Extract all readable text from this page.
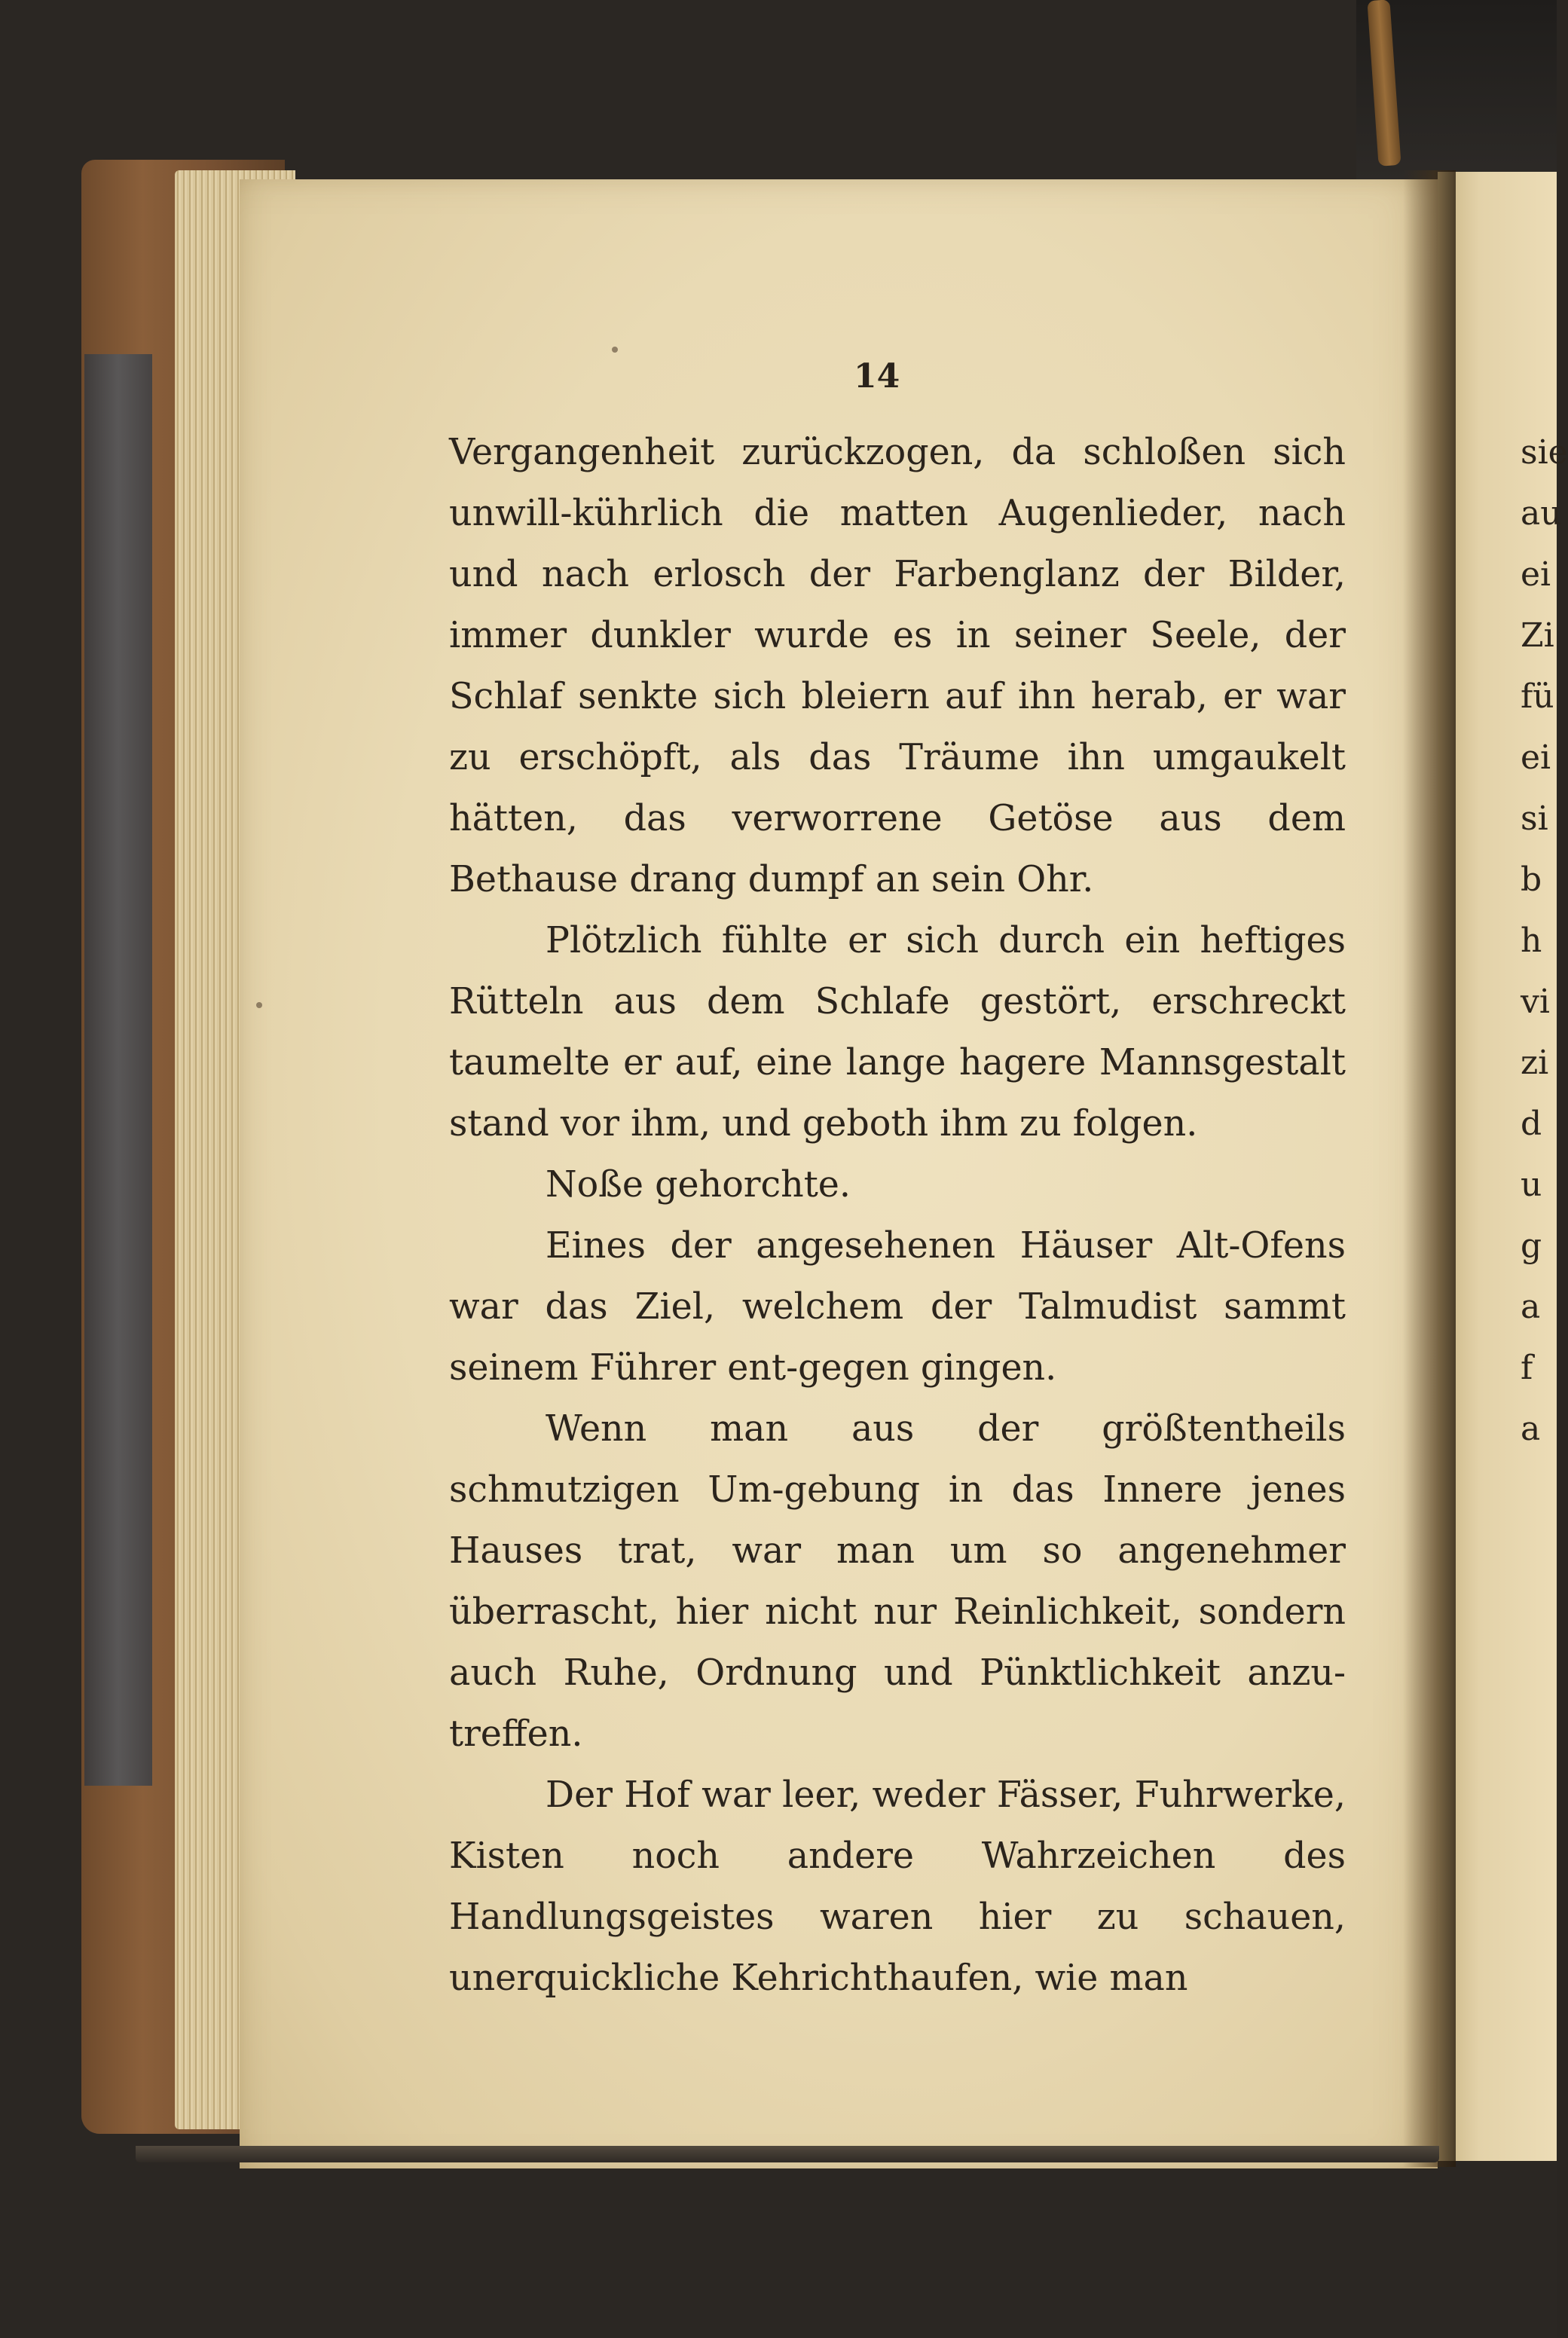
14

Vergangenheit zurückzogen, da schloßen sich unwill-kührlich die matten Augenlieder, nach und nach erlosch der Farbenglanz der Bilder, immer dunkler wurde es in seiner Seele, der Schlaf senkte sich bleiern auf ihn herab, er war zu erschöpft, als das Träume ihn umgaukelt hätten, das verworrene Getöse aus dem Bethause drang dumpf an sein Ohr.

Plötzlich fühlte er sich durch ein heftiges Rütteln aus dem Schlafe gestört, erschreckt taumelte er auf, eine lange hagere Mannsgestalt stand vor ihm, und geboth ihm zu folgen.

Noße gehorchte.

Eines der angesehenen Häuser Alt-Ofens war das Ziel, welchem der Talmudist sammt seinem Führer ent-gegen gingen.

Wenn man aus der größtentheils schmutzigen Um-gebung in das Innere jenes Hauses trat, war man um so angenehmer überrascht, hier nicht nur Reinlichkeit, sondern auch Ruhe, Ordnung und Pünktlichkeit anzu-treffen.

Der Hof war leer, weder Fässer, Fuhrwerke, Kisten noch andere Wahrzeichen des Handlungsgeistes waren hier zu schauen, unerquickliche Kehrichthaufen, wie man

sie
au
ei
Zi
fü
ei
si
b
h
vi
zi
d
u
g
a
f
a
